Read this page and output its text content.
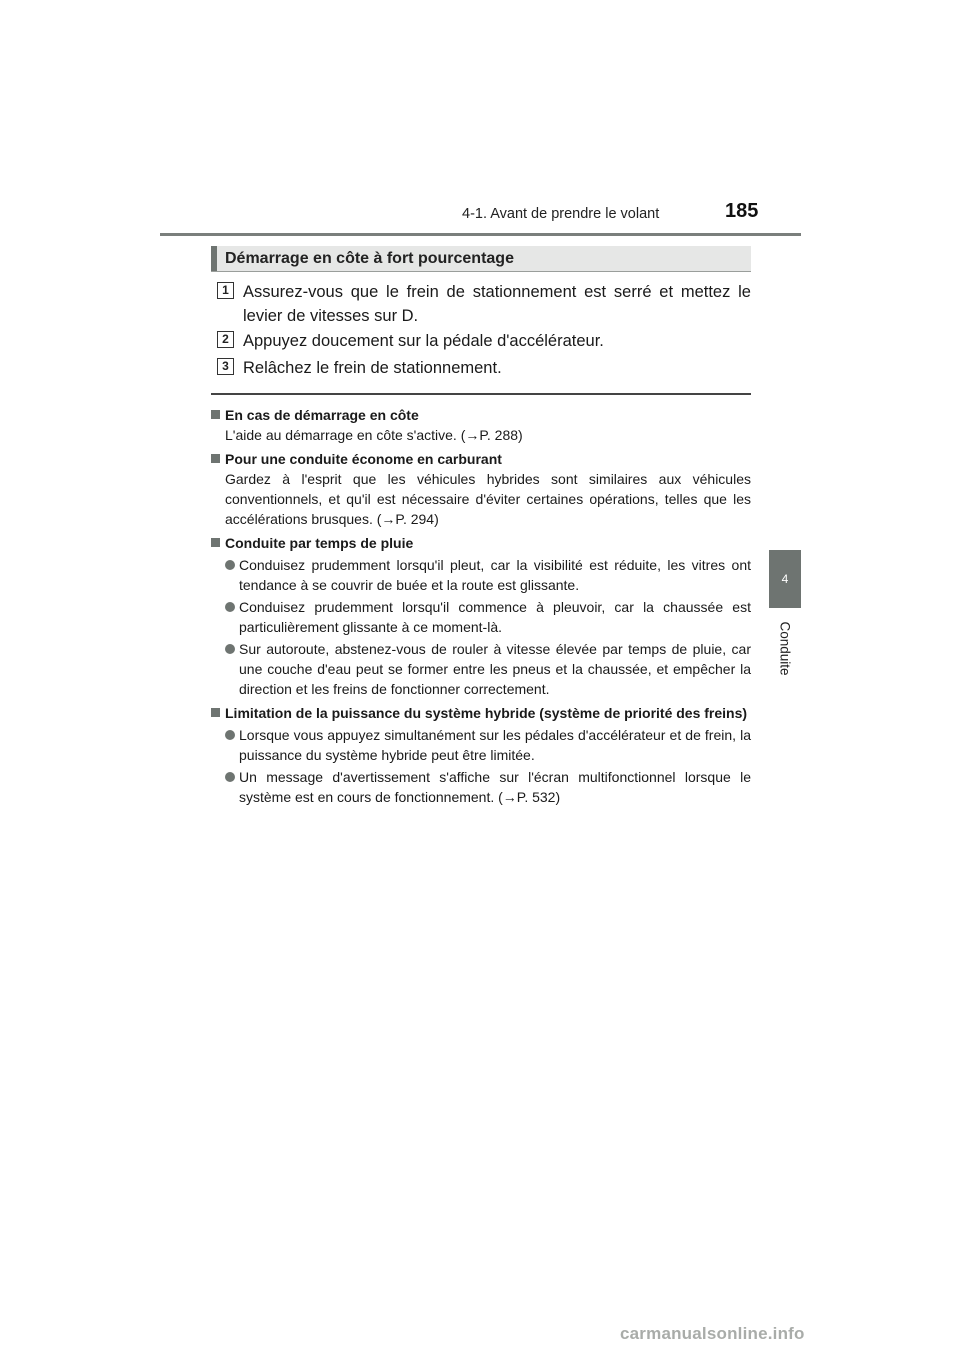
4-1. Avant de prendre le volant	185
4
Conduite
Démarrage en côte à fort pourcentage
1 Assurez-vous que le frein de stationnement est serré et mettez le levier de vitesses sur D.
2 Appuyez doucement sur la pédale d'accélérateur.
3 Relâchez le frein de stationnement.
En cas de démarrage en côte
L'aide au démarrage en côte s'active. (→P. 288)
Pour une conduite économe en carburant
Gardez à l'esprit que les véhicules hybrides sont similaires aux véhicules conventionnels, et qu'il est nécessaire d'éviter certaines opérations, telles que les accélérations brusques. (→P. 294)
Conduite par temps de pluie
Conduisez prudemment lorsqu'il pleut, car la visibilité est réduite, les vitres ont tendance à se couvrir de buée et la route est glissante.
Conduisez prudemment lorsqu'il commence à pleuvoir, car la chaussée est particulièrement glissante à ce moment-là.
Sur autoroute, abstenez-vous de rouler à vitesse élevée par temps de pluie, car une couche d'eau peut se former entre les pneus et la chaussée, et empêcher la direction et les freins de fonctionner correctement.
Limitation de la puissance du système hybride (système de priorité des freins)
Lorsque vous appuyez simultanément sur les pédales d'accélérateur et de frein, la puissance du système hybride peut être limitée.
Un message d'avertissement s'affiche sur l'écran multifonctionnel lorsque le système est en cours de fonctionnement. (→P. 532)
carmanualsonline.info
